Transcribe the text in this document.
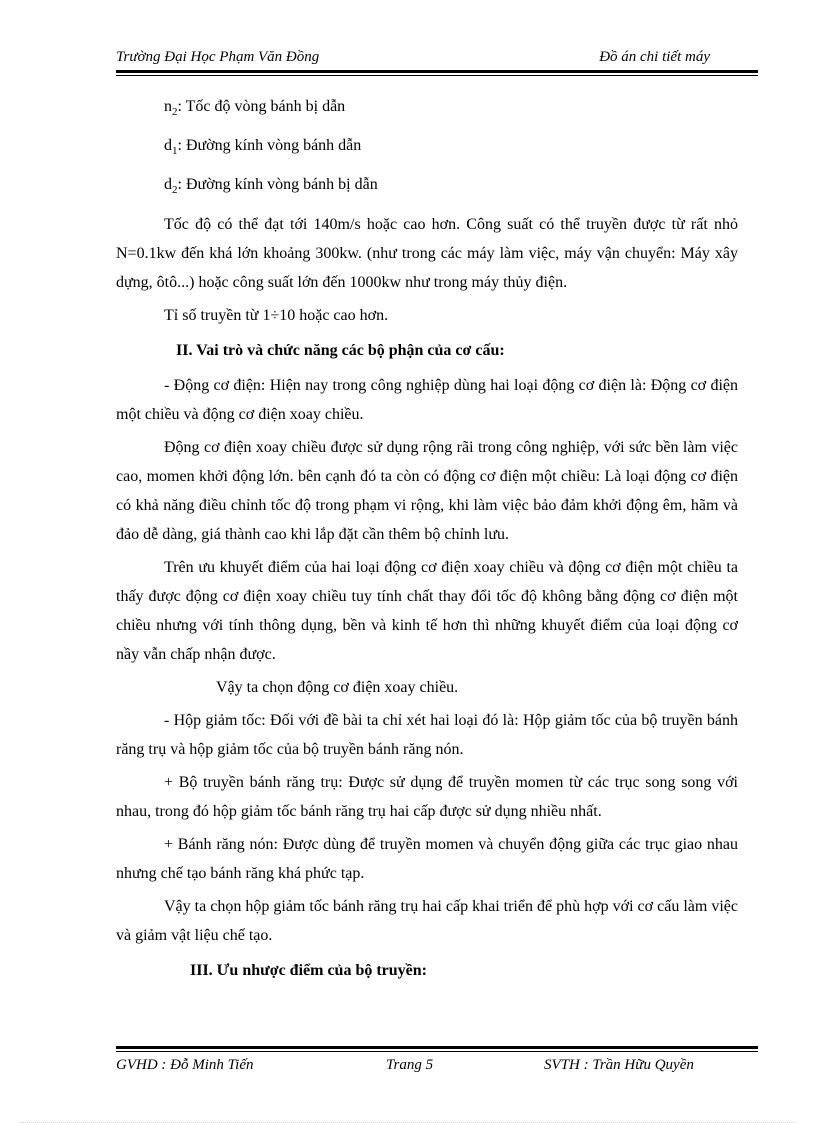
Trường Đại Học Phạm Văn Đồng	Đồ án chi tiết máy

$n_2$: Tốc độ vòng bánh bị dẫn

$d_1$: Đường kính vòng bánh dẫn

$d_2$: Đường kính vòng bánh bị dẫn

Tốc độ có thể đạt tới 140m/s hoặc cao hơn. Công suất có thể truyền được từ rất nhỏ N=0.1kw đến khá lớn khoảng 300kw. (như trong các máy làm việc, máy vận chuyển: Máy xây dựng, ôtô...) hoặc công suất lớn đến 1000kw như trong máy thủy điện.

Tỉ số truyền từ 1÷10 hoặc cao hơn.

II. Vai trò và chức năng các bộ phận của cơ cấu:

- Động cơ điện: Hiện nay trong công nghiệp dùng hai loại động cơ điện là: Động cơ điện một chiều và động cơ điện xoay chiều.

Động cơ điện xoay chiều được sử dụng rộng rãi trong công nghiệp, với sức bền làm việc cao, momen khởi động lớn. bên cạnh đó ta còn có động cơ điện một chiều: Là loại động cơ điện có khả năng điều chỉnh tốc độ trong phạm vi rộng, khi làm việc bảo đảm khởi động êm, hãm và đảo dễ dàng, giá thành cao khi lắp đặt cần thêm bộ chỉnh lưu.

Trên ưu khuyết điểm của hai loại động cơ điện xoay chiều và động cơ điện một chiều ta thấy được động cơ điện xoay chiều tuy tính chất thay đổi tốc độ không bằng động cơ điện một chiều nhưng với tính thông dụng, bền và kinh tế hơn thì những khuyết điểm của loại động cơ nầy vẫn chấp nhận được.

Vậy ta chọn động cơ điện xoay chiều.

- Hộp giảm tốc: Đối với đề bài ta chỉ xét hai loại đó là: Hộp giảm tốc của bộ truyền bánh răng trụ và hộp giảm tốc của bộ truyền bánh răng nón.

+ Bộ truyền bánh răng trụ: Được sử dụng để truyền momen từ các trục song song với nhau, trong đó hộp giảm tốc bánh răng trụ hai cấp được sử dụng nhiều nhất.

+ Bánh răng nón: Được dùng để truyền momen và chuyển động giữa các trục giao nhau nhưng chế tạo bánh răng khá phức tạp.

Vậy ta chọn hộp giảm tốc bánh răng trụ hai cấp khai triển để phù hợp với cơ cấu làm việc và giảm vật liệu chế tạo.

III. Ưu nhược điểm của bộ truyền:

GVHD : Đỗ Minh Tiến	Trang 5	SVTH : Trần Hữu Quyền
